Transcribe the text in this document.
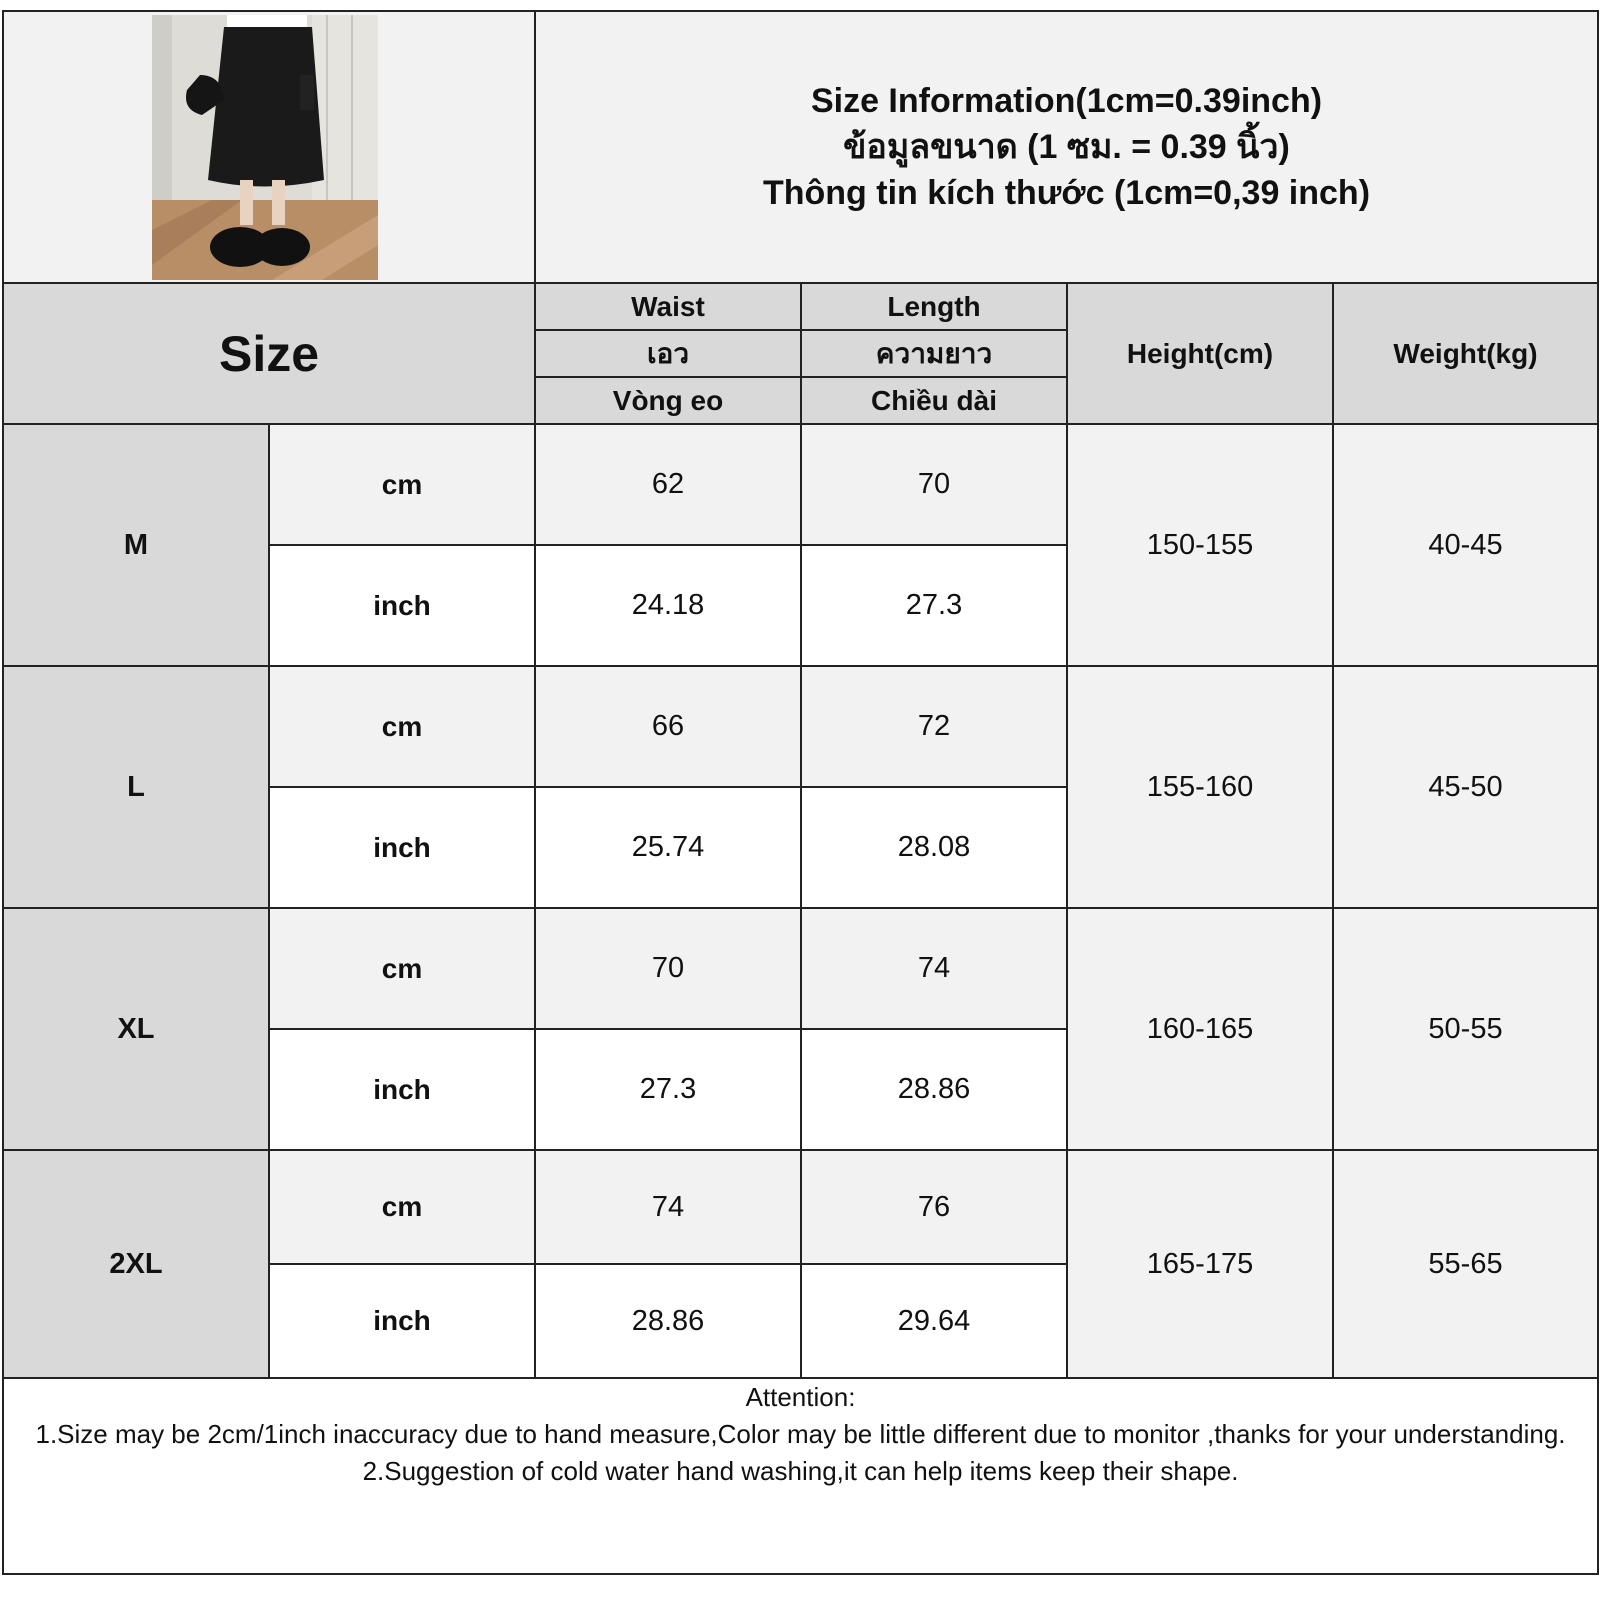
Size Information(1cm=0.39inch)
ข้อมูลขนาด (1 ซม. = 0.39 นิ้ว)
Thông tin kích thước (1cm=0,39 inch)			

Size		Waist	Length	Height(cm)	Weight(kg)
		เอว	ความยาว		
		Vòng eo	Chiều dài		
M	cm	62	70	150-155	40-45
	inch	24.18	27.3		
L	cm	66	72	155-160	45-50
	inch	25.74	28.08		
XL	cm	70	74	160-165	50-55
	inch	27.3	28.86		
2XL	cm	74	76	165-175	55-65
	inch	28.86	29.64		

Attention:
1.Size may be 2cm/1inch inaccuracy due to hand measure,Color may be little different due to monitor ,thanks for your understanding.
2.Suggestion of cold water hand washing,it can help items keep their shape.					
